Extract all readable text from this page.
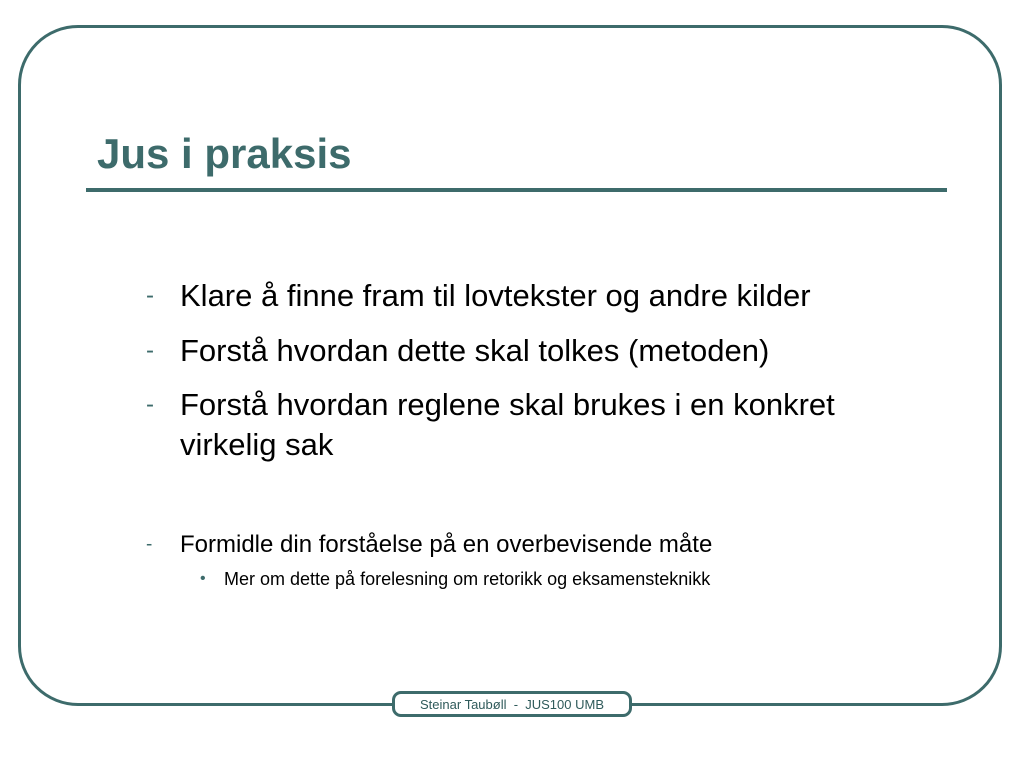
Jus i praksis
- Klare å finne fram til lovtekster og andre kilder
- Forstå hvordan dette skal tolkes (metoden)
- Forstå hvordan reglene skal brukes i en konkret virkelig sak
- Formidle din forståelse på en overbevisende måte
• Mer om dette på forelesning om retorikk og eksamensteknikk
Steinar Taubøll  -  JUS100 UMB
